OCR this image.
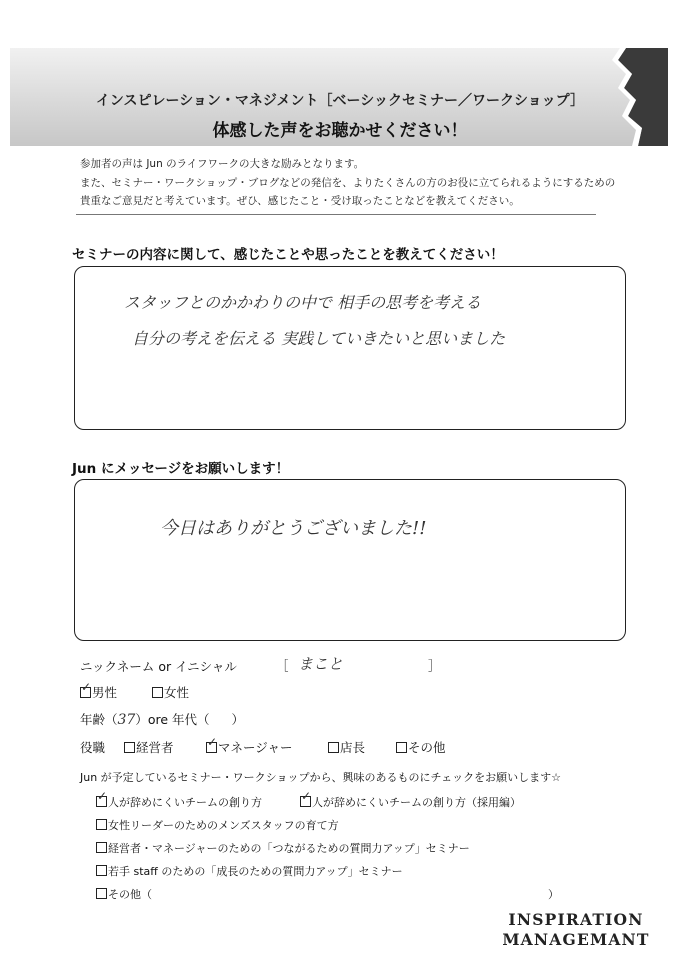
インスピレーション・マネジメント［ベーシックセミナー／ワークショップ］
体感した声をお聴かせください！
参加者の声は Jun のライフワークの大きな励みとなります。
また、セミナー・ワークショップ・ブログなどの発信を、よりたくさんの方のお役に立てられるようにするための
貴重なご意見だと考えています。ぜひ、感じたこと・受け取ったことなどを教えてください。
セミナーの内容に関して、感じたことや思ったことを教えてください！
スタッフとのかかわりの中で 相手の思考を考える
自分の考えを伝える 実践していきたいと思いました
Jun にメッセージをお願いします！
今日はありがとうございました!!
ニックネーム or イニシャル	［ まこと	］
✓男性	女性
年齢（37）ore 年代（ ）
役職	経営者 ✓	マネージャー	店長	その他
Jun が予定しているセミナー・ワークショップから、興味のあるものにチェックをお願いします☆
✓人が辞めにくいチームの創り方 ✓	人が辞めにくいチームの創り方（採用編）
女性リーダーのためのメンズスタッフの育て方
経営者・マネージャーのための「つながるための質問力アップ」セミナー
若手 staff のための「成長のための質問力アップ」セミナー
その他（	）
INSPIRATION
MANAGEMANT
